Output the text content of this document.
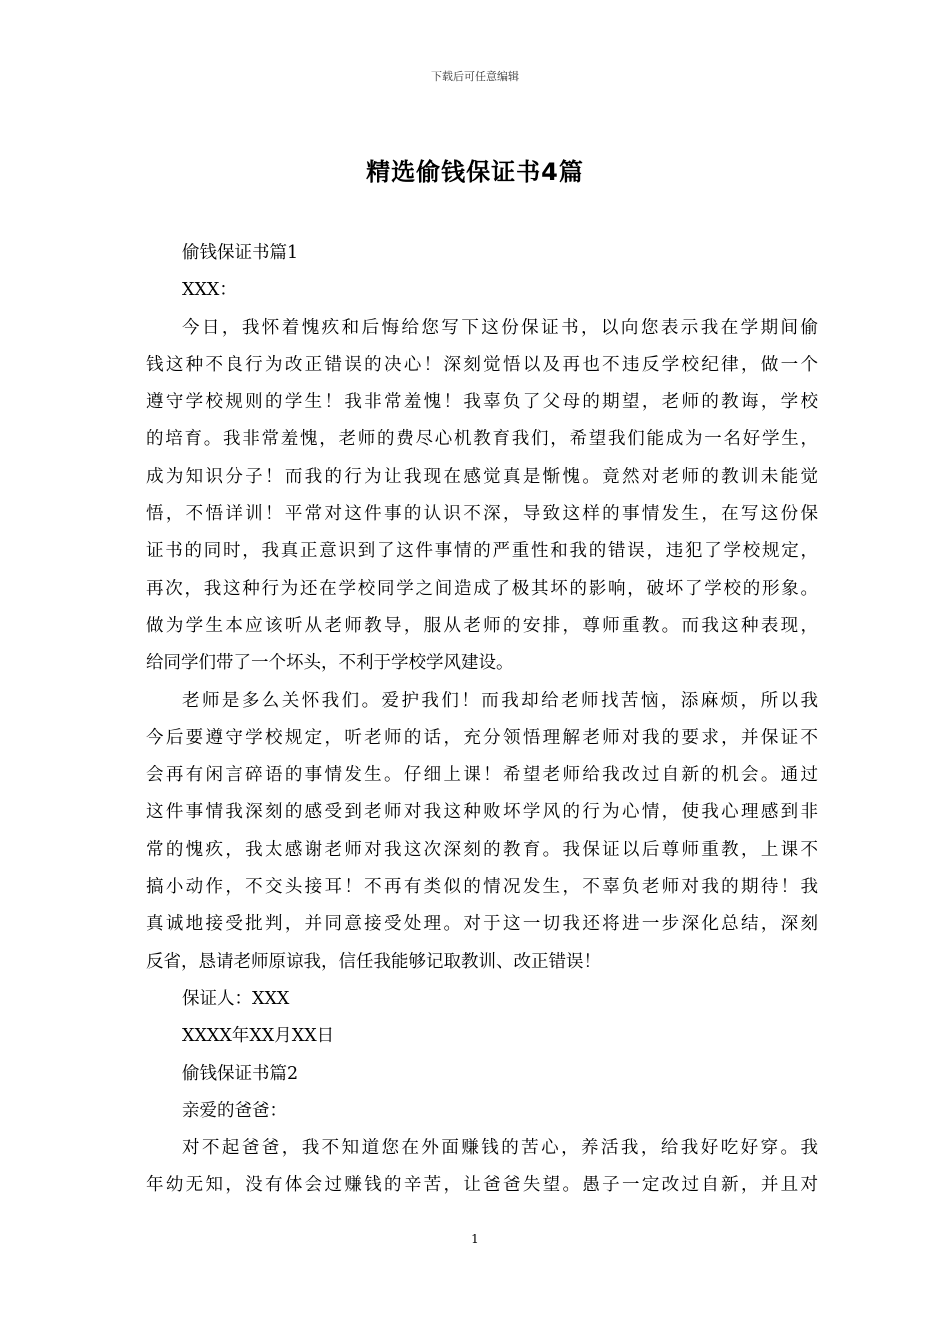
下载后可任意编辑
精选偷钱保证书4篇
偷钱保证书篇1
XXX：
今日，我怀着愧疚和后悔给您写下这份保证书，以向您表示我在学期间偷
钱这种不良行为改正错误的决心！深刻觉悟以及再也不违反学校纪律，做一个
遵守学校规则的学生！我非常羞愧！我辜负了父母的期望，老师的教诲，学校
的培育。我非常羞愧，老师的费尽心机教育我们，希望我们能成为一名好学生，
成为知识分子！而我的行为让我现在感觉真是惭愧。竟然对老师的教训未能觉
悟，不悟详训！平常对这件事的认识不深，导致这样的事情发生，在写这份保
证书的同时，我真正意识到了这件事情的严重性和我的错误，违犯了学校规定，
再次，我这种行为还在学校同学之间造成了极其坏的影响，破坏了学校的形象。
做为学生本应该听从老师教导，服从老师的安排，尊师重教。而我这种表现，
给同学们带了一个坏头，不利于学校学风建设。
老师是多么关怀我们。爱护我们！而我却给老师找苦恼，添麻烦，所以我
今后要遵守学校规定，听老师的话，充分领悟理解老师对我的要求，并保证不
会再有闲言碎语的事情发生。仔细上课！希望老师给我改过自新的机会。通过
这件事情我深刻的感受到老师对我这种败坏学风的行为心情，使我心理感到非
常的愧疚，我太感谢老师对我这次深刻的教育。我保证以后尊师重教，上课不
搞小动作，不交头接耳！不再有类似的情况发生，不辜负老师对我的期待！我
真诚地接受批判，并同意接受处理。对于这一切我还将进一步深化总结，深刻
反省，恳请老师原谅我，信任我能够记取教训、改正错误！
保证人：XXX
XXXX年XX月XX日
偷钱保证书篇2
亲爱的爸爸：
对不起爸爸，我不知道您在外面赚钱的苦心，养活我，给我好吃好穿。我
年幼无知，没有体会过赚钱的辛苦，让爸爸失望。愚子一定改过自新，并且对
1
